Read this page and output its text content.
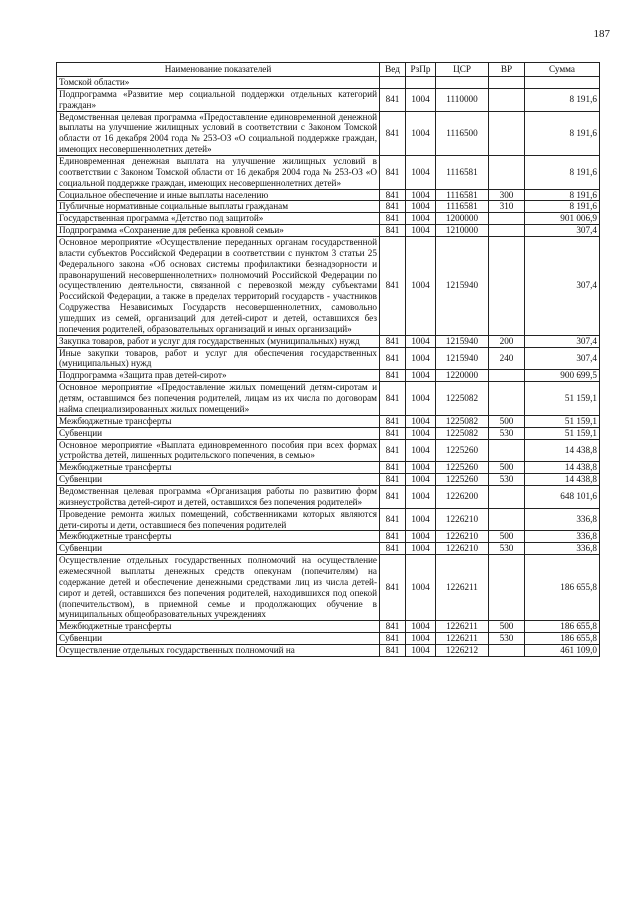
187
Наименование показателей	Вед	РзПр	ЦСР	ВР	Сумма
Томской области»					
Подпрограмма «Развитие мер социальной поддержки отдельных категорий граждан»	841	1004	1110000		8 191,6
Ведомственная целевая программа «Предоставление единовременной денежной выплаты на улучшение жилищных условий в соответствии с Законом Томской области от 16 декабря 2004 года № 253-ОЗ «О социальной поддержке граждан, имеющих несовершеннолетних детей»	841	1004	1116500		8 191,6
Единовременная денежная выплата на улучшение жилищных условий в соответствии с Законом Томской области от 16 декабря 2004 года № 253-ОЗ «О социальной поддержке граждан, имеющих несовершеннолетних детей»	841	1004	1116581		8 191,6
Социальное обеспечение и иные выплаты населению	841	1004	1116581	300	8 191,6
Публичные нормативные социальные выплаты гражданам	841	1004	1116581	310	8 191,6
Государственная программа «Детство под защитой»	841	1004	1200000		901 006,9
Подпрограмма «Сохранение для ребенка кровной семьи»	841	1004	1210000		307,4
Основное мероприятие «Осуществление переданных органам государственной власти субъектов Российской Федерации в соответствии с пунктом 3 статьи 25 Федерального закона «Об основах системы профилактики безнадзорности и правонарушений несовершеннолетних» полномочий Российской Федерации по осуществлению деятельности, связанной с перевозкой между субъектами Российской Федерации, а также в пределах территорий государств - участников Содружества Независимых Государств несовершеннолетних, самовольно ушедших из семей, организаций для детей-сирот и детей, оставшихся без попечения родителей, образовательных организаций и иных организаций»	841	1004	1215940		307,4
Закупка товаров, работ и услуг для государственных (муниципальных) нужд	841	1004	1215940	200	307,4
Иные закупки товаров, работ и услуг для обеспечения государственных (муниципальных) нужд	841	1004	1215940	240	307,4
Подпрограмма «Защита прав детей-сирот»	841	1004	1220000		900 699,5
Основное мероприятие «Предоставление жилых помещений детям-сиротам и детям, оставшимся без попечения родителей, лицам из их числа по договорам найма специализированных жилых помещений»	841	1004	1225082		51 159,1
Межбюджетные трансферты	841	1004	1225082	500	51 159,1
Субвенции	841	1004	1225082	530	51 159,1
Основное мероприятие «Выплата единовременного пособия при всех формах устройства детей, лишенных родительского попечения, в семью»	841	1004	1225260		14 438,8
Межбюджетные трансферты	841	1004	1225260	500	14 438,8
Субвенции	841	1004	1225260	530	14 438,8
Ведомственная целевая программа «Организация работы по развитию форм жизнеустройства детей-сирот и детей, оставшихся без попечения родителей»	841	1004	1226200		648 101,6
Проведение ремонта жилых помещений, собственниками которых являются дети-сироты и дети, оставшиеся без попечения родителей	841	1004	1226210		336,8
Межбюджетные трансферты	841	1004	1226210	500	336,8
Субвенции	841	1004	1226210	530	336,8
Осуществление отдельных государственных полномочий на осуществление ежемесячной выплаты денежных средств опекунам (попечителям) на содержание детей и обеспечение денежными средствами лиц из числа детей-сирот и детей, оставшихся без попечения родителей, находившихся под опекой (попечительством), в приемной семье и продолжающих обучение в муниципальных общеобразовательных учреждениях	841	1004	1226211		186 655,8
Межбюджетные трансферты	841	1004	1226211	500	186 655,8
Субвенции	841	1004	1226211	530	186 655,8
Осуществление отдельных государственных полномочий на	841	1004	1226212		461 109,0
